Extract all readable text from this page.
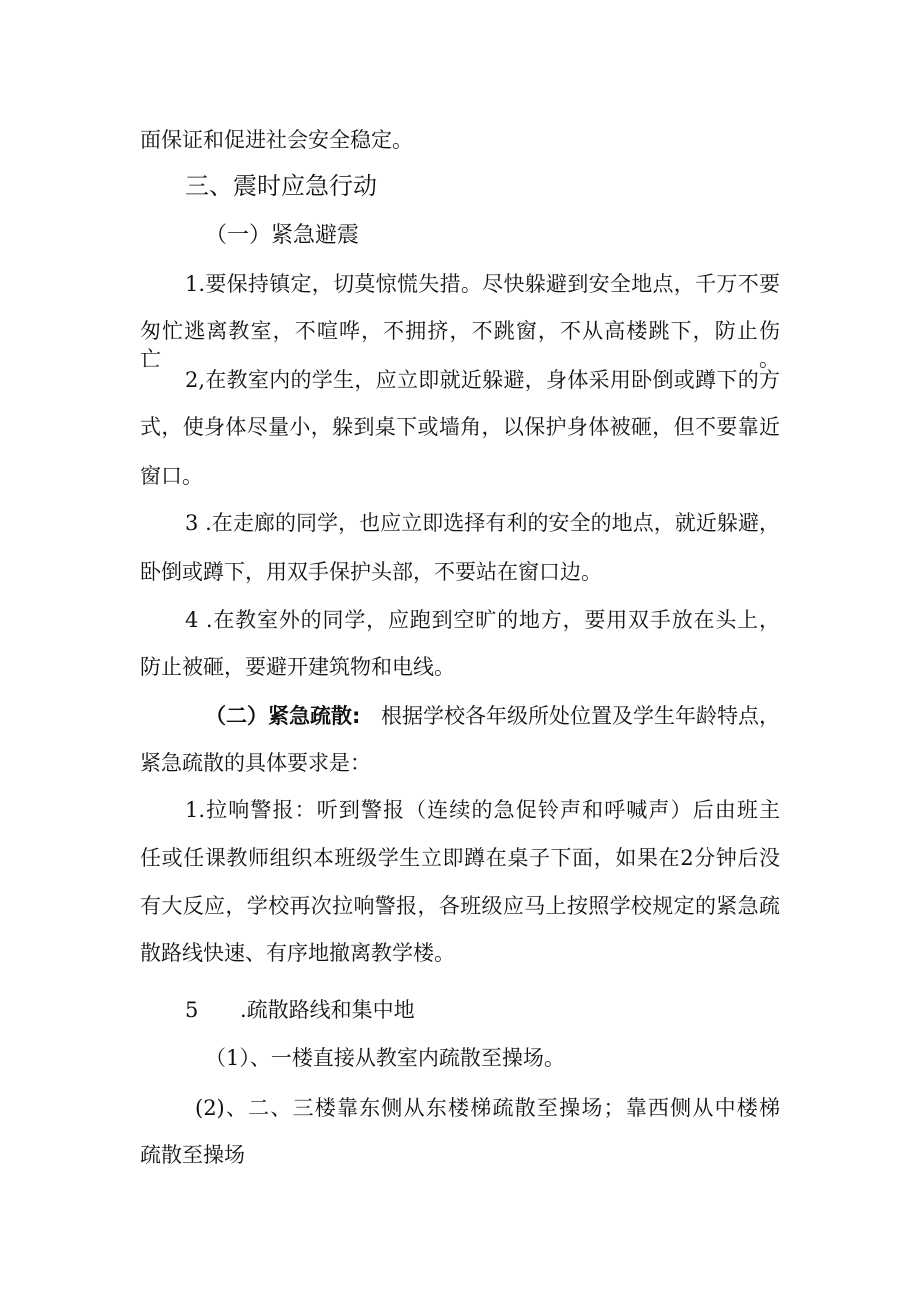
面保证和促进社会安全稳定。
三、震时应急行动
（一）紧急避震
1.要保持镇定，切莫惊慌失措。尽快躲避到安全地点，千万不要
匆忙逃离教室，不喧哗，不拥挤，不跳窗，不从高楼跳下，防止伤亡。
2,在教室内的学生，应立即就近躲避，身体采用卧倒或蹲下的方
式，使身体尽量小，躲到桌下或墙角，以保护身体被砸，但不要靠近
窗口。
3 .在走廊的同学，也应立即选择有利的安全的地点，就近躲避，
卧倒或蹲下，用双手保护头部，不要站在窗口边。
4 .在教室外的同学，应跑到空旷的地方，要用双手放在头上，
防止被砸，要避开建筑物和电线。
（二）紧急疏散: 根据学校各年级所处位置及学生年龄特点，
紧急疏散的具体要求是：
1.拉响警报：听到警报（连续的急促铃声和呼喊声）后由班主
任或任课教师组织本班级学生立即蹲在桌子下面，如果在2分钟后没
有大反应，学校再次拉响警报，各班级应马上按照学校规定的紧急疏
散路线快速、有序地撤离教学楼。
5 .疏散路线和集中地
（1）、一楼直接从教室内疏散至操场。
(2)、二、三楼靠东侧从东楼梯疏散至操场；靠西侧从中楼梯
疏散至操场
